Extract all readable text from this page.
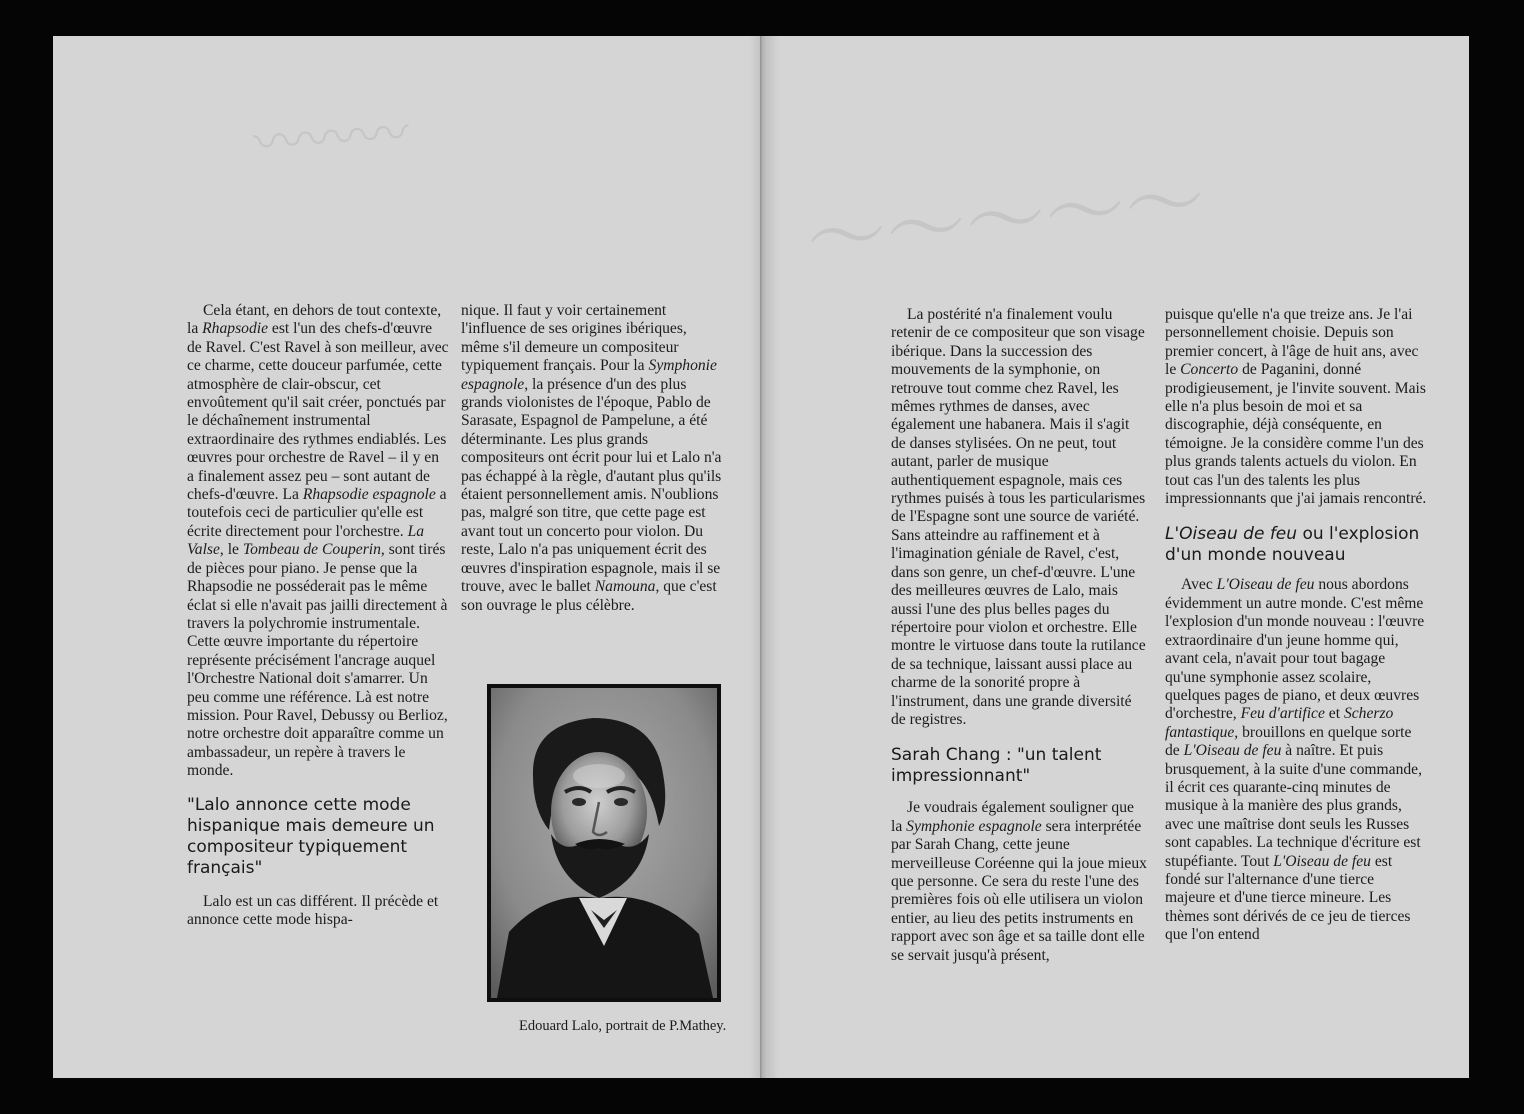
Cela étant, en dehors de tout contexte, la Rhapsodie est l'un des chefs-d'œuvre de Ravel. C'est Ravel à son meilleur, avec ce charme, cette douceur parfumée, cette atmosphère de clair-obscur, cet envoûtement qu'il sait créer, ponctués par le déchaînement instrumental extraordinaire des rythmes endiablés. Les œuvres pour orchestre de Ravel – il y en a finalement assez peu – sont autant de chefs-d'œuvre. La Rhapsodie espagnole a toutefois ceci de particulier qu'elle est écrite directement pour l'orchestre. La Valse, le Tombeau de Couperin, sont tirés de pièces pour piano. Je pense que la Rhapsodie ne posséderait pas le même éclat si elle n'avait pas jailli directement à travers la polychromie instrumentale. Cette œuvre importante du répertoire représente précisément l'ancrage auquel l'Orchestre National doit s'amarrer. Un peu comme une référence. Là est notre mission. Pour Ravel, Debussy ou Berlioz, notre orchestre doit apparaître comme un ambassadeur, un repère à travers le monde.

"Lalo annonce cette mode hispanique mais demeure un compositeur typiquement français"

Lalo est un cas différent. Il précède et annonce cette mode hispa-

nique. Il faut y voir certainement l'influence de ses origines ibériques, même s'il demeure un compositeur typiquement français. Pour la Symphonie espagnole, la présence d'un des plus grands violonistes de l'époque, Pablo de Sarasate, Espagnol de Pampelune, a été déterminante. Les plus grands compositeurs ont écrit pour lui et Lalo n'a pas échappé à la règle, d'autant plus qu'ils étaient personnellement amis. N'oublions pas, malgré son titre, que cette page est avant tout un concerto pour violon. Du reste, Lalo n'a pas uniquement écrit des œuvres d'inspiration espagnole, mais il se trouve, avec le ballet Namouna, que c'est son ouvrage le plus célèbre.

Edouard Lalo, portrait de P.Mathey.
〰〰〰

La postérité n'a finalement voulu retenir de ce compositeur que son visage ibérique. Dans la succession des mouvements de la symphonie, on retrouve tout comme chez Ravel, les mêmes rythmes de danses, avec également une habanera. Mais il s'agit de danses stylisées. On ne peut, tout autant, parler de musique authentiquement espagnole, mais ces rythmes puisés à tous les particularismes de l'Espagne sont une source de variété. Sans atteindre au raffinement et à l'imagination géniale de Ravel, c'est, dans son genre, un chef-d'œuvre. L'une des meilleures œuvres de Lalo, mais aussi l'une des plus belles pages du répertoire pour violon et orchestre. Elle montre le virtuose dans toute la rutilance de sa technique, laissant aussi place au charme de la sonorité propre à l'instrument, dans une grande diversité de registres.

Sarah Chang : "un talent impressionnant"

Je voudrais également souligner que la Symphonie espagnole sera interprétée par Sarah Chang, cette jeune merveilleuse Coréenne qui la joue mieux que personne. Ce sera du reste l'une des premières fois où elle utilisera un violon entier, au lieu des petits instruments en rapport avec son âge et sa taille dont elle se servait jusqu'à présent,

puisque qu'elle n'a que treize ans. Je l'ai personnellement choisie. Depuis son premier concert, à l'âge de huit ans, avec le Concerto de Paganini, donné prodigieusement, je l'invite souvent. Mais elle n'a plus besoin de moi et sa discographie, déjà conséquente, en témoigne. Je la considère comme l'un des plus grands talents actuels du violon. En tout cas l'un des talents les plus impressionnants que j'ai jamais rencontré.

L'Oiseau de feu ou l'explosion d'un monde nouveau

Avec L'Oiseau de feu nous abordons évidemment un autre monde. C'est même l'explosion d'un monde nouveau : l'œuvre extraordinaire d'un jeune homme qui, avant cela, n'avait pour tout bagage qu'une symphonie assez scolaire, quelques pages de piano, et deux œuvres d'orchestre, Feu d'artifice et Scherzo fantastique, brouillons en quelque sorte de L'Oiseau de feu à naître. Et puis brusquement, à la suite d'une commande, il écrit ces quarante-cinq minutes de musique à la manière des plus grands, avec une maîtrise dont seuls les Russes sont capables. La technique d'écriture est stupéfiante. Tout L'Oiseau de feu est fondé sur l'alternance d'une tierce majeure et d'une tierce mineure. Les thèmes sont dérivés de ce jeu de tierces que l'on entend

〜〜〜〜〜
